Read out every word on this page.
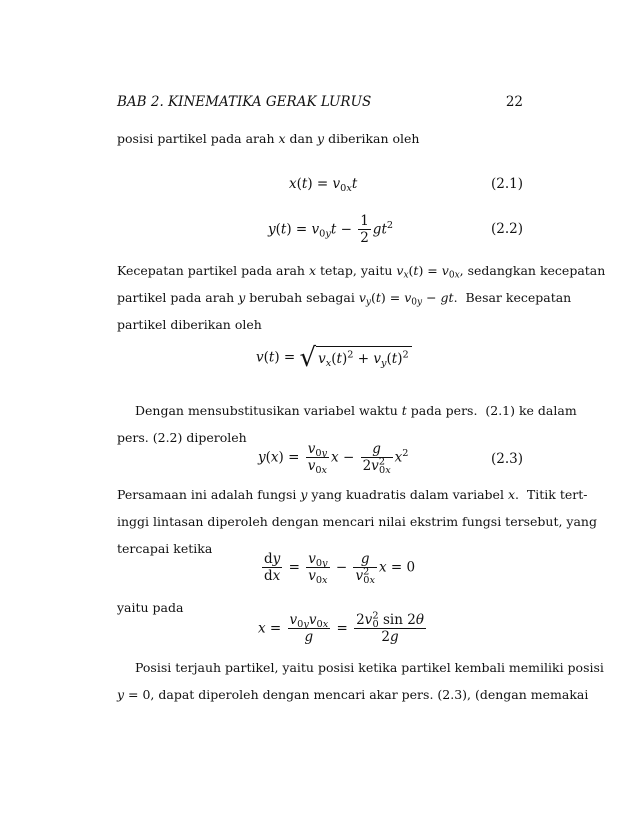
BAB 2. KINEMATIKA GERAK LURUS	22
posisi partikel pada arah x dan y diberikan oleh
$x(t) = v_{0x}t$	(2.1)
$y(t) = v_{0y}t - \frac{1}{2} gt^2$	(2.2)
Kecepatan partikel pada arah x tetap, yaitu $v_x(t) = v_{0x}$, sedangkan kecepatan
partikel pada arah y berubah sebagai $v_y(t) = v_{0y}$ − gt.  Besar kecepatan
partikel diberikan oleh
v(t) = √ $v_x(t)^2 + v_y(t)^2$
Dengan mensubstitusikan variabel waktu t pada pers.  (2.1) ke dalam
pers. (2.2) diperoleh
$y(x) = \frac{v_{0y}}{v_{0x}}$ $x - \frac{g}{2v^2_{0x}} x^2$	(2.3)
Persamaan ini adalah fungsi y yang kuadratis dalam variabel x.  Titik tert-
inggi lintasan diperoleh dengan mencari nilai ekstrim fungsi tersebut, yang
tercapai ketika
$\frac{dy}{dx} = \frac{v_{0y}}{v_{0x}} - \frac{g}{v^2_{0x}}$ x = 0
yaitu pada
$x = \frac{v_{0y}v_{0x}}{g} = \frac{2v^2_0 \sin 2\theta}{2g}$
Posisi terjauh partikel, yaitu posisi ketika partikel kembali memiliki posisi
y = 0, dapat diperoleh dengan mencari akar pers. (2.3), (dengan memakai
